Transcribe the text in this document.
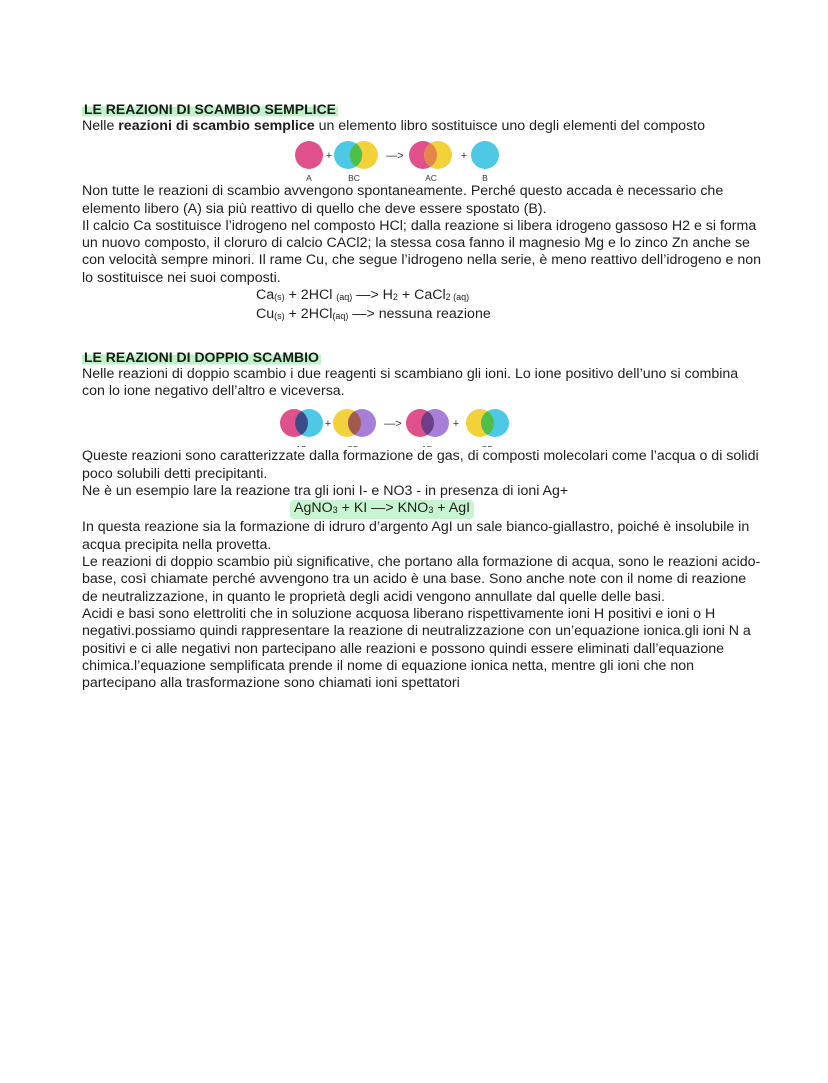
LE REAZIONI DI SCAMBIO SEMPLICE

Nelle reazioni di scambio semplice un elemento libro sostituisce uno degli elementi del composto

A
+
BC
—>
AC
+
B

Non tutte le reazioni di scambio avvengono spontaneamente. Perché questo accada è necessario che elemento libero (A) sia più reattivo di quello che deve essere spostato (B).

Il calcio Ca sostituisce l’idrogeno nel composto HCl; dalla reazione si libera idrogeno gassoso H2 e si forma un nuovo composto, il cloruro di calcio CACl2; la stessa cosa fanno il magnesio Mg e lo zinco Zn anche se con velocità sempre minori. Il rame Cu, che segue l’idrogeno nella serie, è meno reattivo dell’idrogeno e non lo sostituisce nei suoi composti.

$Ca_{(s)} + 2HCl$ $_{(aq)}$ —> $H_2$ + CaCl$_{2 (aq)}$

$Cu_{(s)} + 2HCl_{(aq)}$ —> nessuna reazione

LE REAZIONI DI DOPPIO SCAMBIO

Nelle reazioni di doppio scambio i due reagenti si scambiano gli ioni. Lo ione positivo dell’uno si combina con lo ione negativo dell’altro e viceversa.

+	—>	+

Queste reazioni sono caratterizzate dalla formazione de gas, di composti molecolari come l’acqua o di solidi poco solubili detti precipitanti.

Ne è un esempio lare la reazione tra gli ioni I- e NO3 - in presenza di ioni Ag+

AgNO$_3$ + KI —> $KNO_3$ + AgI

In questa reazione sia la formazione di idruro d’argento AgI un sale bianco-giallastro, poiché è insolubile in acqua precipita nella provetta.

Le reazioni di doppio scambio più significative, che portano alla formazione di acqua, sono le reazioni acido-base, così chiamate perché avvengono tra un acido è una base. Sono anche note con il nome di reazione de neutralizzazione, in quanto le proprietà degli acidi vengono annullate dal quelle delle basi.

Acidi e basi sono elettroliti che in soluzione acquosa liberano rispettivamente ioni H positivi e ioni o H negativi.possiamo quindi rappresentare la reazione di neutralizzazione con un’equazione ionica.gli ioni N a positivi e ci alle negativi non partecipano alle reazioni e possono quindi essere eliminati dall’equazione chimica.l’equazione semplificata prende il nome di equazione ionica netta, mentre gli ioni che non partecipano alla trasformazione sono chiamati ioni spettatori
